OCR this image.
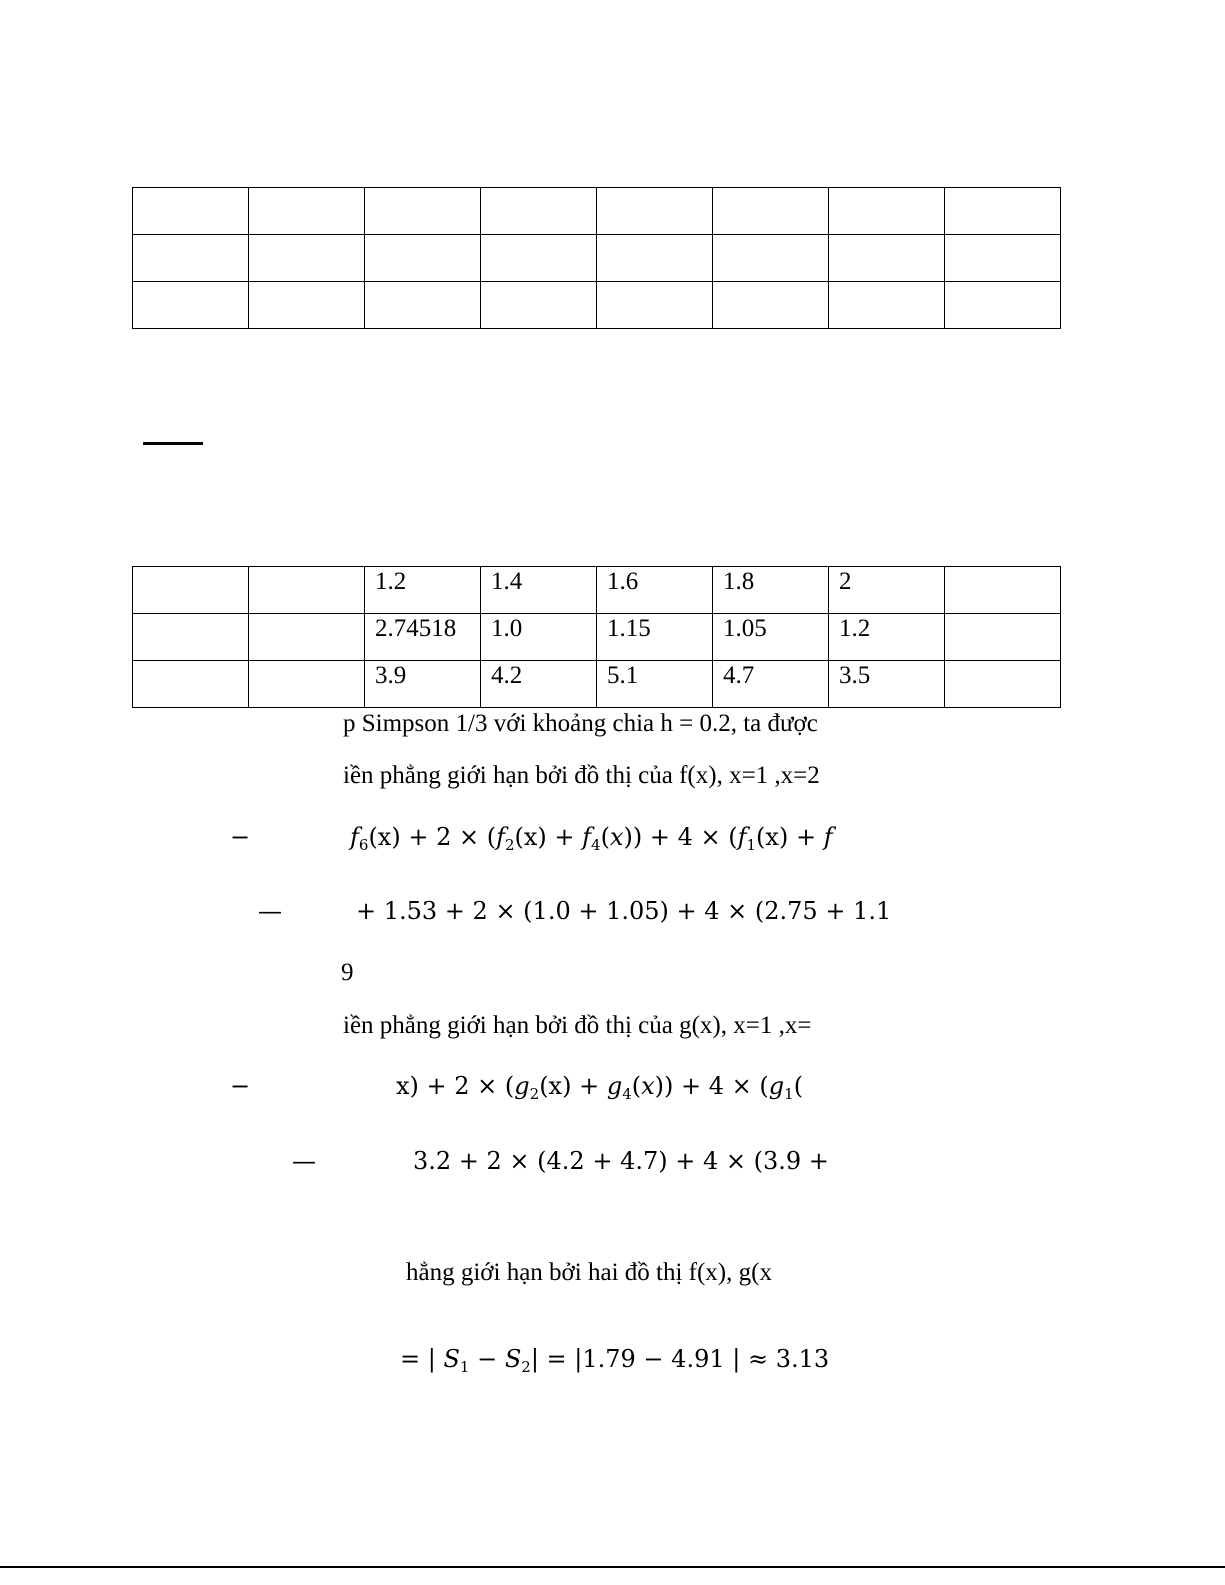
		1.2	1.4	1.6	1.8	2	
		2.74518	1.0	1.15	1.05	1.2	
		3.9	4.2	5.1	4.7	3.5	
p Simpson 1/3 với khoảng chia h = 0.2, ta được
iền phẳng giới hạn bởi đồ thị của f(x), x=1 ,x=2
−	$f_6(x) + 2 \times (f_2(x) + f_4(x)) + 4 \times (f_1(x) + f$
—	+ 1.53 + 2 × (1.0 + 1.05) + 4 × (2.75 + 1.1
9
iền phẳng giới hạn bởi đồ thị của g(x), x=1 ,x=
−	$x) + 2 \times (g_2(x) + g_4(x)) + 4 \times (g_1$(
—	3.2 + 2 × (4.2 + 4.7) + 4 × (3.9 +
hẳng giới hạn bởi hai đồ thị f(x), g(x
= | $S_1 - S_2| = |1.79 - 4.91$ | ≈ 3.13
